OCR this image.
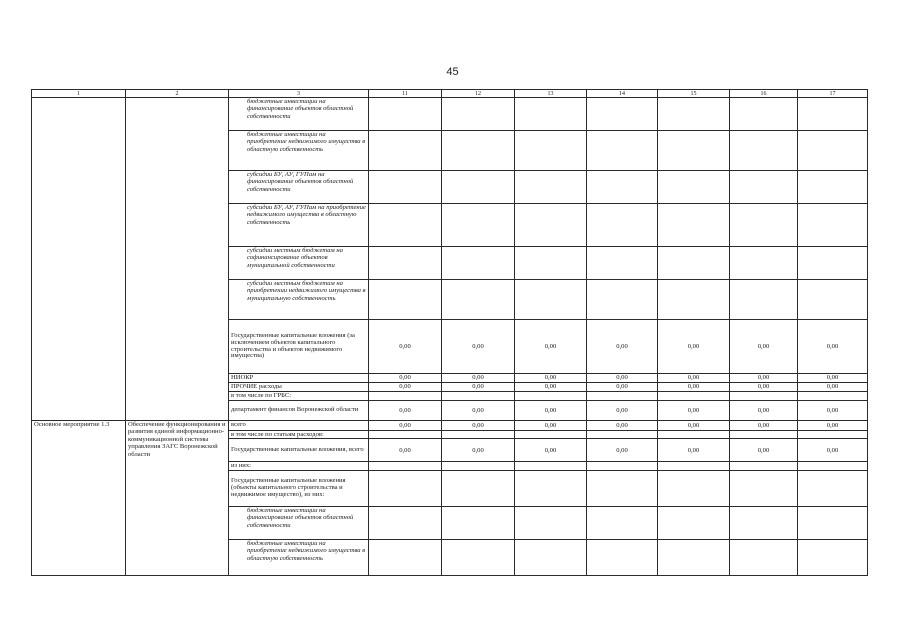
45
1	2	3	11	12	13	14	15	16	17
		бюджетные инвестиции на финансирование объектов областной собственности							
		бюджетные инвестиции на приобретение недвижимого имущества в областную собственность							
		субсидии БУ, АУ, ГУПам на финансирование объектов областной собственности							
		субсидии БУ, АУ, ГУПам на приобретение недвижимого имущества в областную собственность							
		субсидии местным бюджетам на софинансирование объектов муниципальной собственности							
		субсидии местным бюджетам на приобретении недвижимого имущества в муниципальную собственность							
		Государственные капитальные вложения (за исключением объектов капитального строительства и объектов недвижимого имущества)	0,00	0,00	0,00	0,00	0,00	0,00	0,00
		НИОКР	0,00	0,00	0,00	0,00	0,00	0,00	0,00
		ПРОЧИЕ расходы	0,00	0,00	0,00	0,00	0,00	0,00	0,00
		в том числе по ГРБС:							
		департамент финансов Воронежской области	0,00	0,00	0,00	0,00	0,00	0,00	0,00
Основное мероприятие 1.3	Обеспечение функционирования и развития единой информационно-коммуникационной системы управления ЗАГС Воронежской области	всего	0,00	0,00	0,00	0,00	0,00	0,00	0,00
		в том числе по статьям расходов:							
		Государственные капитальные вложения, всего	0,00	0,00	0,00	0,00	0,00	0,00	0,00
		из них:							
		Государственные капитальные вложения (объекты капитального строительства и недвижимое имущество), из них:							
		бюджетные инвестиции на финансирование объектов областной собственности							
		бюджетные инвестиции на приобретение недвижимого имущества в областную собственность							
